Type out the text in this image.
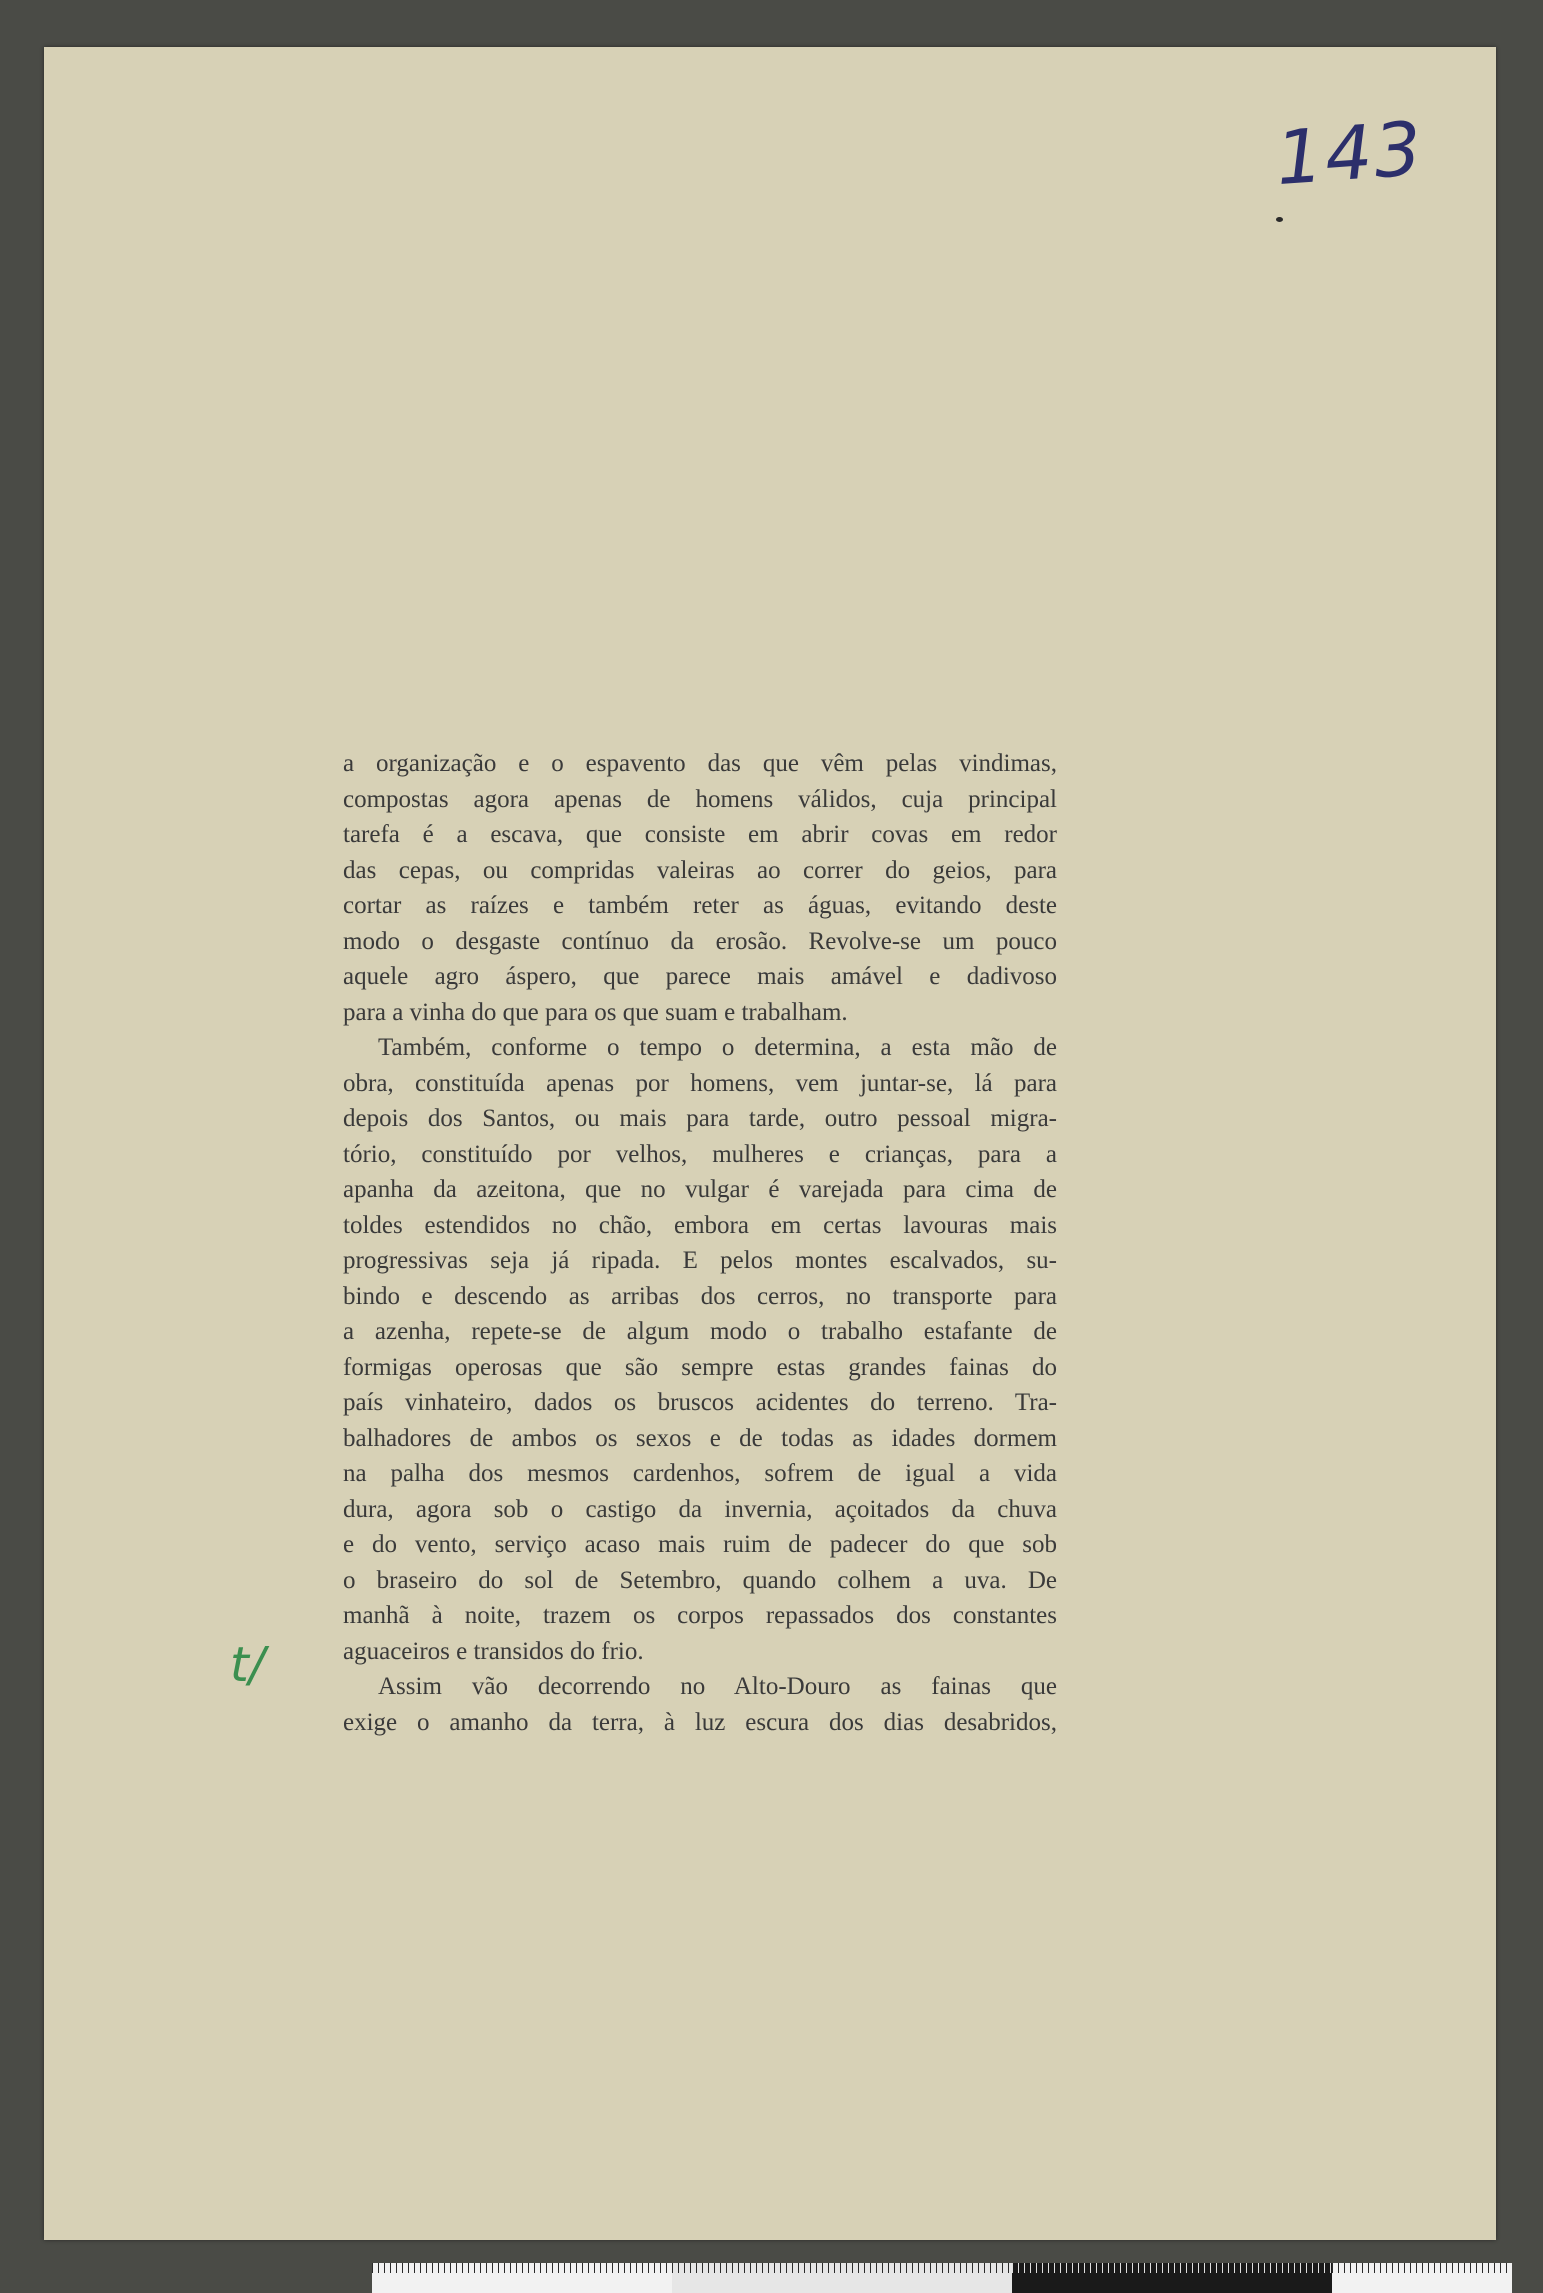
143
t/
a organização e o espavento das que vêm pelas vindimas,
compostas agora apenas de homens válidos, cuja principal
tarefa é a escava, que consiste em abrir covas em redor
das cepas, ou compridas valeiras ao correr do geios, para
cortar as raízes e também reter as águas, evitando deste
modo o desgaste contínuo da erosão. Revolve-se um pouco
aquele agro áspero, que parece mais amável e dadivoso
para a vinha do que para os que suam e trabalham.
Também, conforme o tempo o determina, a esta mão de
obra, constituída apenas por homens, vem juntar-se, lá para
depois dos Santos, ou mais para tarde, outro pessoal migra-
tório, constituído por velhos, mulheres e crianças, para a
apanha da azeitona, que no vulgar é varejada para cima de
toldes estendidos no chão, embora em certas lavouras mais
progressivas seja já ripada. E pelos montes escalvados, su-
bindo e descendo as arribas dos cerros, no transporte para
a azenha, repete-se de algum modo o trabalho estafante de
formigas operosas que são sempre estas grandes fainas do
país vinhateiro, dados os bruscos acidentes do terreno. Tra-
balhadores de ambos os sexos e de todas as idades dormem
na palha dos mesmos cardenhos, sofrem de igual a vida
dura, agora sob o castigo da invernia, açoitados da chuva
e do vento, serviço acaso mais ruim de padecer do que sob
o braseiro do sol de Setembro, quando colhem a uva. De
manhã à noite, trazem os corpos repassados dos constantes
aguaceiros e transidos do frio.
Assim vão decorrendo no Alto-Douro as fainas que
exige o amanho da terra, à luz escura dos dias desabridos,
